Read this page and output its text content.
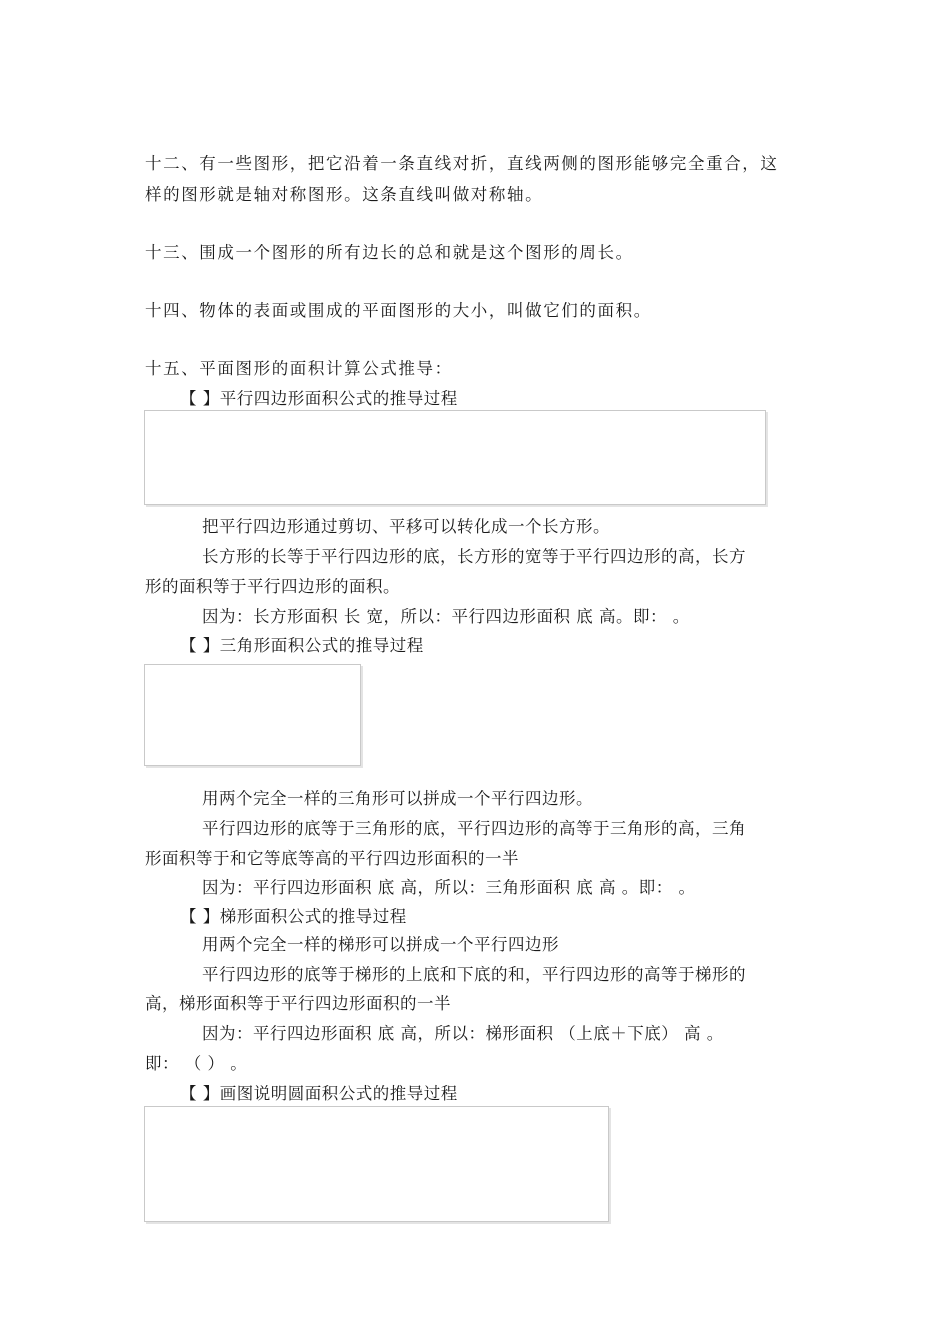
十二、有一些图形，把它沿着一条直线对折，直线两侧的图形能够完全重合，这
样的图形就是轴对称图形。这条直线叫做对称轴。
十三、围成一个图形的所有边长的总和就是这个图形的周长。
十四、物体的表面或围成的平面图形的大小，叫做它们的面积。
十五、平面图形的面积计算公式推导：
【 】平行四边形面积公式的推导过程
把平行四边形通过剪切、平移可以转化成一个长方形。
长方形的长等于平行四边形的底，长方形的宽等于平行四边形的高，长方
形的面积等于平行四边形的面积。
因为：长方形面积 长 宽，所以：平行四边形面积 底 高。即： 。
【 】三角形面积公式的推导过程
用两个完全一样的三角形可以拼成一个平行四边形。
平行四边形的底等于三角形的底，平行四边形的高等于三角形的高，三角
形面积等于和它等底等高的平行四边形面积的一半
因为：平行四边形面积 底 高，所以：三角形面积 底 高 。即： 。
【 】梯形面积公式的推导过程
用两个完全一样的梯形可以拼成一个平行四边形
平行四边形的底等于梯形的上底和下底的和，平行四边形的高等于梯形的
高，梯形面积等于平行四边形面积的一半
因为：平行四边形面积 底 高，所以：梯形面积 （上底＋下底） 高 。
即： （ ） 。
【 】画图说明圆面积公式的推导过程
